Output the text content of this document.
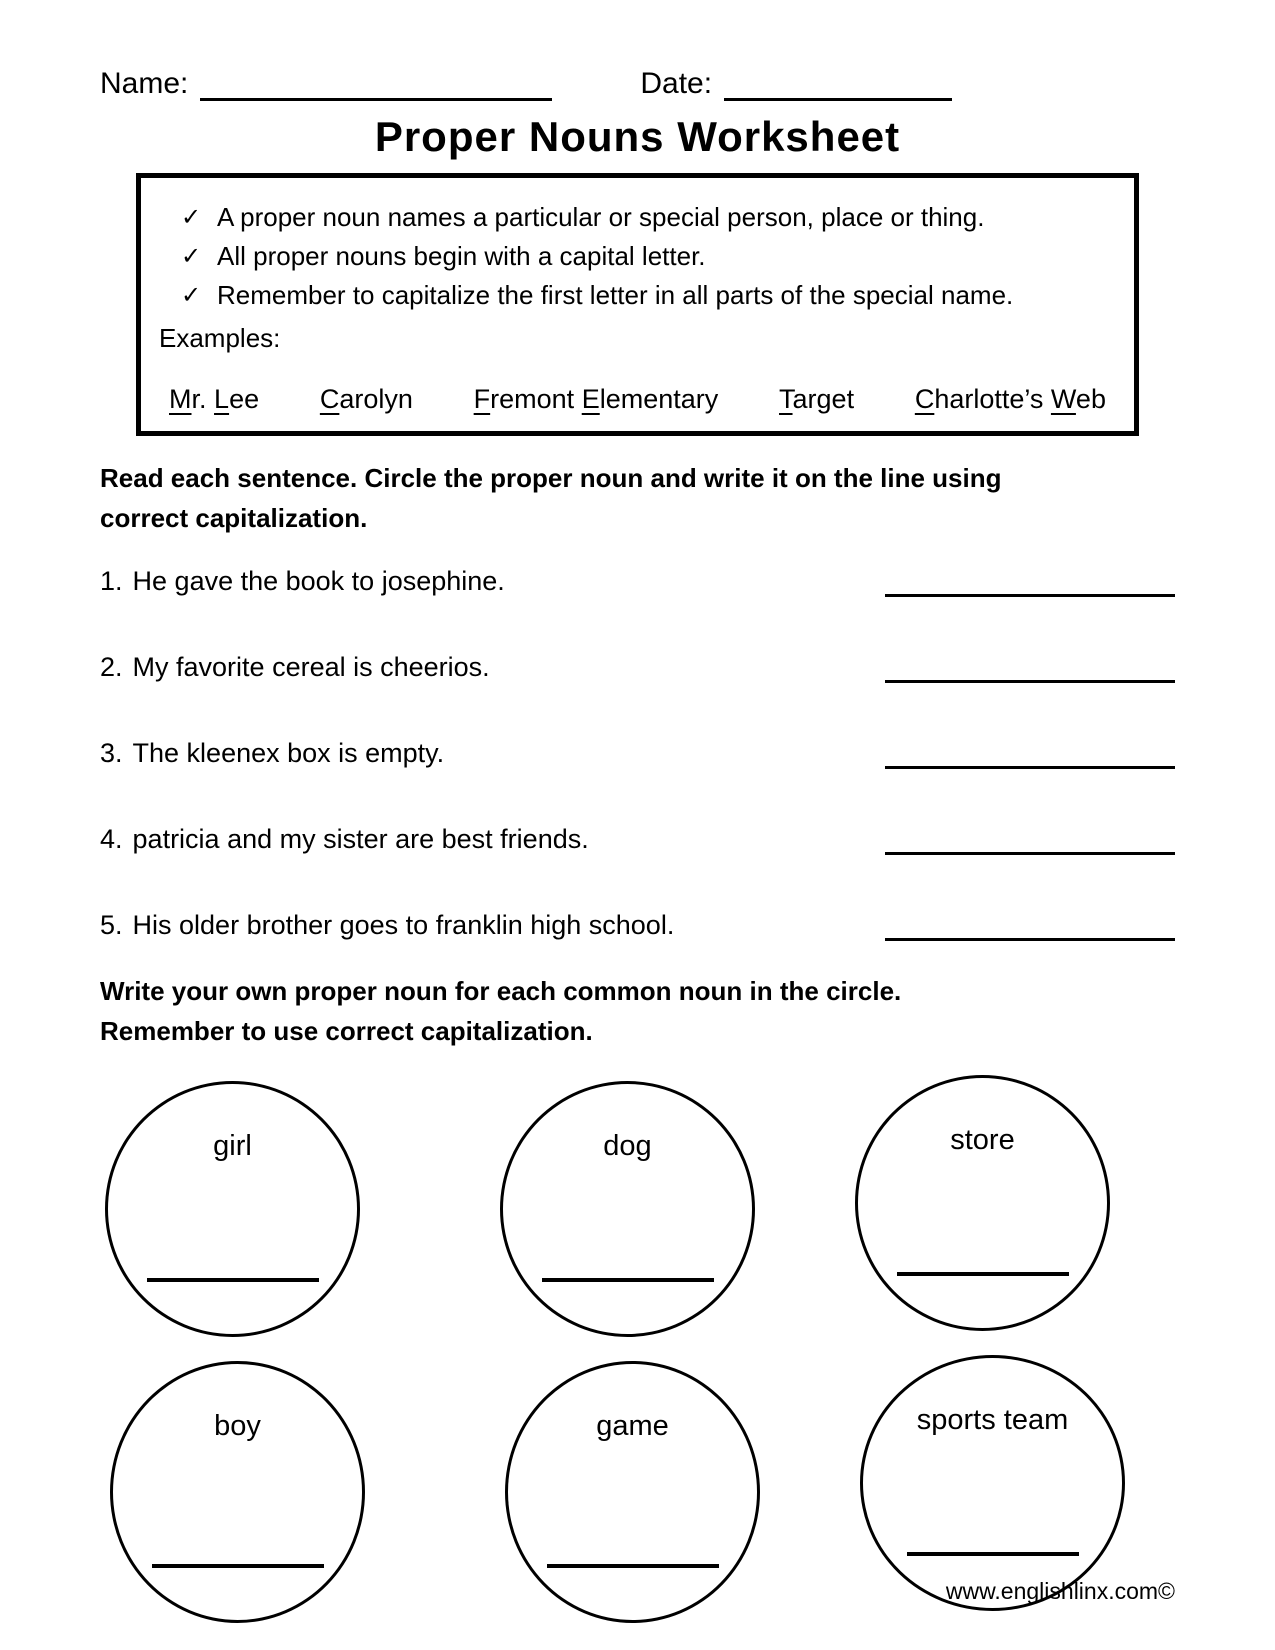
Name:	Date:
Proper Nouns Worksheet
✓ A proper noun names a particular or special person, place or thing.
✓ All proper nouns begin with a capital letter.
✓ Remember to capitalize the first letter in all parts of the special name.
Examples:
Mr. Lee Carolyn Fremont Elementary Target Charlotte’s Web
Read each sentence. Circle the proper noun and write it on the line using
correct capitalization.
1. He gave the book to josephine.
2. My favorite cereal is cheerios.
3. The kleenex box is empty.
4. patricia and my sister are best friends.
5. His older brother goes to franklin high school.
Write your own proper noun for each common noun in the circle.
Remember to use correct capitalization.
girl	dog	store
boy	game	sports team
www.englishlinx.com©
